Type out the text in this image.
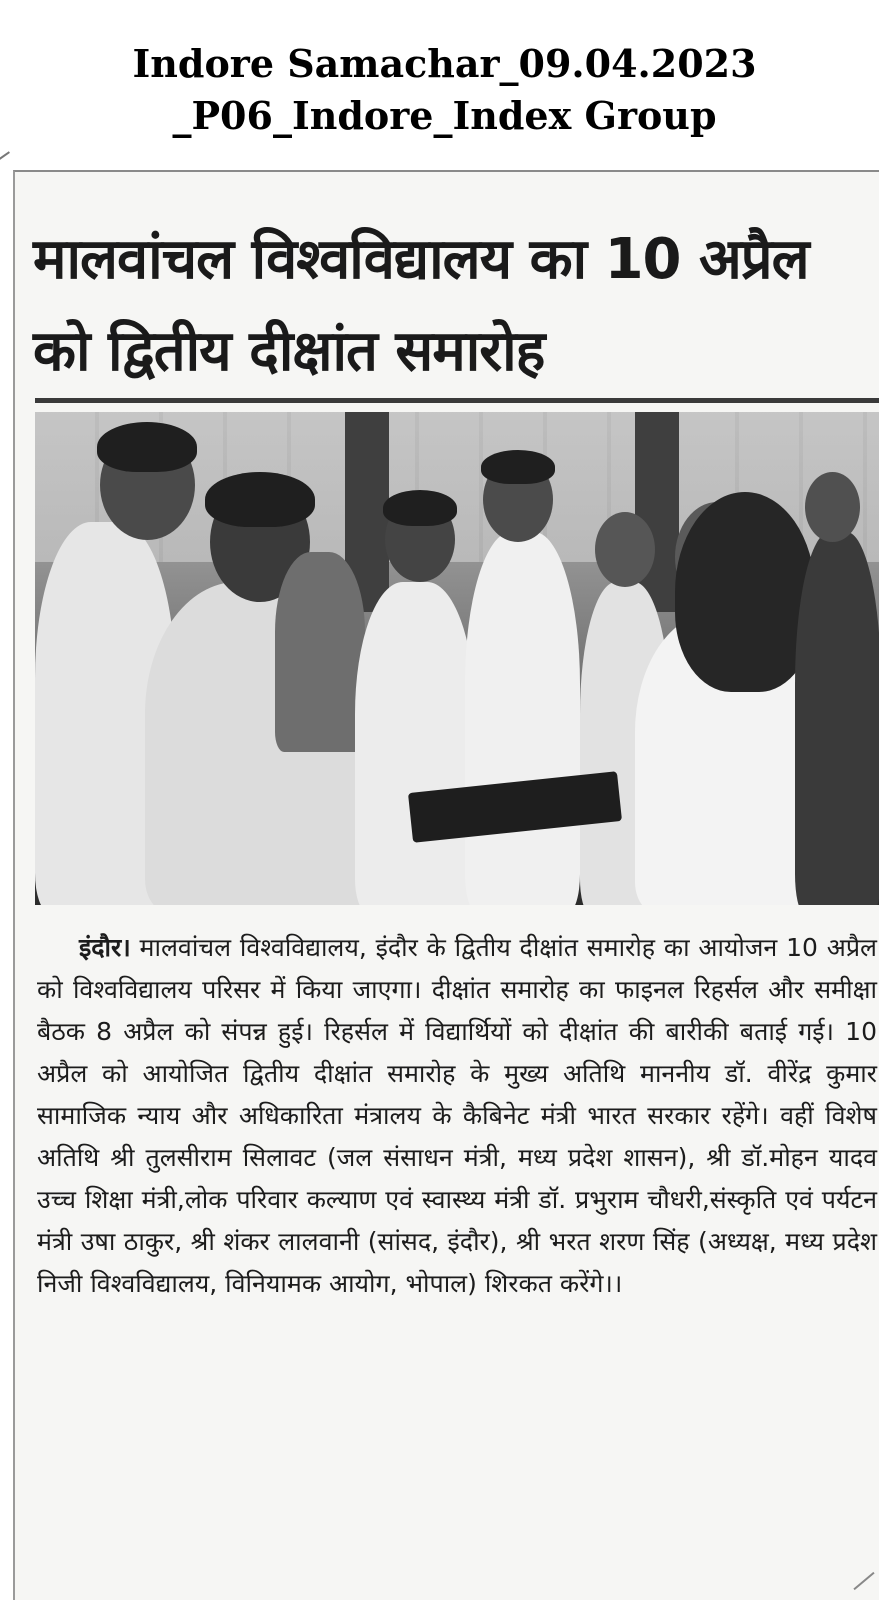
Indore Samachar_09.04.2023
_P06_Indore_Index Group
मालवांचल विश्वविद्यालय का 10 अप्रैल
को द्वितीय दीक्षांत समारोह
इंदौर। मालवांचल विश्वविद्यालय, इंदौर के द्वितीय दीक्षांत समारोह का आयोजन 10 अप्रैल को विश्वविद्यालय परिसर में किया जाएगा। दीक्षांत समारोह का फाइनल रिहर्सल और समीक्षा बैठक 8 अप्रैल को संपन्न हुई। रिहर्सल में विद्यार्थियों को दीक्षांत की बारीकी बताई गई। 10 अप्रैल को आयोजित द्वितीय दीक्षांत समारोह के मुख्य अतिथि माननीय डॉ. वीरेंद्र कुमार सामाजिक न्याय और अधिकारिता मंत्रालय के कैबिनेट मंत्री भारत सरकार रहेंगे। वहीं विशेष अतिथि श्री तुलसीराम सिलावट (जल संसाधन मंत्री, मध्य प्रदेश शासन), श्री डॉ.मोहन यादव उच्च शिक्षा मंत्री,लोक परिवार कल्याण एवं स्वास्थ्य मंत्री डॉ. प्रभुराम चौधरी,संस्कृति एवं पर्यटन मंत्री उषा ठाकुर, श्री शंकर लालवानी (सांसद, इंदौर), श्री भरत शरण सिंह (अध्यक्ष, मध्य प्रदेश निजी विश्वविद्यालय, विनियामक आयोग, भोपाल) शिरकत करेंगे।।
